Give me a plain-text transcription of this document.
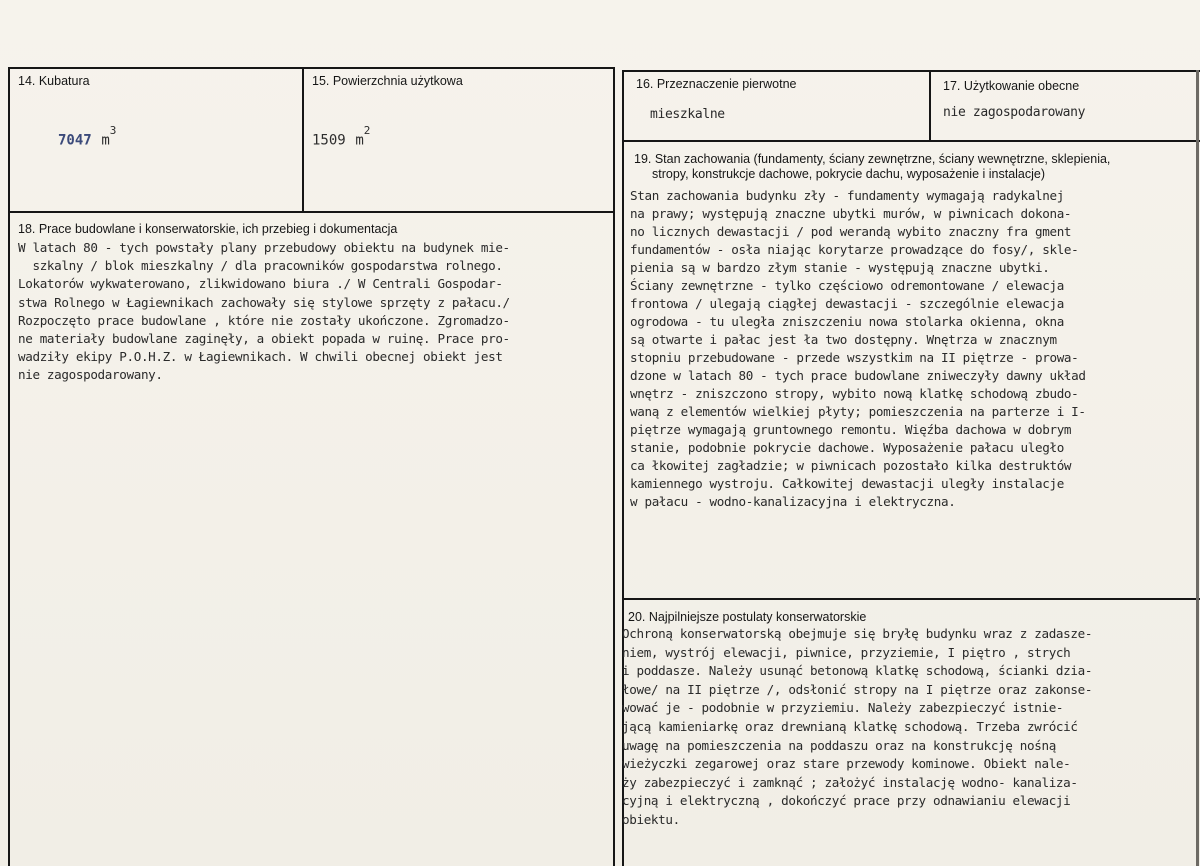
14. Kubatura
7047 $m^3$
15. Powierzchnia użytkowa
1509 $m^2$
16. Przeznaczenie pierwotne
mieszkalne
17. Użytkowanie obecne
nie zagospodarowany
18. Prace budowlane i konserwatorskie, ich przebieg i dokumentacja
W latach 80 - tych powstały plany przebudowy obiektu na budynek mie-
szkalny / blok mieszkalny / dla pracowników gospodarstwa rolnego.
Lokatorów wykwaterowano, zlikwidowano biura ./ W Centrali Gospodar-
stwa Rolnego w Łagiewnikach zachowały się stylowe sprzęty z pałacu./
Rozpoczęto prace budowlane , które nie zostały ukończone. Zgromadzo-
ne materiały budowlane zaginęły, a obiekt popada w ruinę. Prace pro-
wadziły ekipy P.O.H.Z. w Łagiewnikach. W chwili obecnej obiekt jest
nie zagospodarowany.
19. Stan zachowania (fundamenty, ściany zewnętrzne, ściany wewnętrzne, sklepienia,
stropy, konstrukcje dachowe, pokrycie dachu, wyposażenie i instalacje)
Stan zachowania budynku zły - fundamenty wymagają radykalnej
na prawy; występują znaczne ubytki murów, w piwnicach dokona-
no licznych dewastacji / pod werandą wybito znaczny fra gment
fundamentów - osła niając korytarze prowadzące do fosy/, skle-
pienia są w bardzo złym stanie - występują znaczne ubytki.
Ściany zewnętrzne - tylko częściowo odremontowane / elewacja
frontowa / ulegają ciągłej dewastacji - szczególnie elewacja
ogrodowa - tu uległa zniszczeniu nowa stolarka okienna, okna
są otwarte i pałac jest ła two dostępny. Wnętrza w znacznym
stopniu przebudowane - przede wszystkim na II piętrze - prowa-
dzone w latach 80 - tych prace budowlane zniweczyły dawny układ
wnętrz - zniszczono stropy, wybito nową klatkę schodową zbudo-
waną z elementów wielkiej płyty; pomieszczenia na parterze i I-
piętrze wymagają gruntownego remontu. Więźba dachowa w dobrym
stanie, podobnie pokrycie dachowe. Wyposażenie pałacu uległo
ca łkowitej zagładzie; w piwnicach pozostało kilka destruktów
kamiennego wystroju. Całkowitej dewastacji uległy instalacje
w pałacu - wodno-kanalizacyjna i elektryczna.
20. Najpilniejsze postulaty konserwatorskie
Ochroną konserwatorską obejmuje się bryłę budynku wraz z zadasze-
niem, wystrój elewacji, piwnice, przyziemie, I piętro , strych
i poddasze. Należy usunąć betonową klatkę schodową, ścianki dzia-
łowe/ na II piętrze /, odsłonić stropy na I piętrze oraz zakonse-
wować je - podobnie w przyziemiu. Należy zabezpieczyć istnie-
jącą kamieniarkę oraz drewnianą klatkę schodową. Trzeba zwrócić
uwagę na pomieszczenia na poddaszu oraz na konstrukcję nośną
wieżyczki zegarowej oraz stare przewody kominowe. Obiekt nale-
ży zabezpieczyć i zamknąć ; założyć instalację wodno- kanaliza-
cyjną i elektryczną , dokończyć prace przy odnawianiu elewacji
obiektu.
